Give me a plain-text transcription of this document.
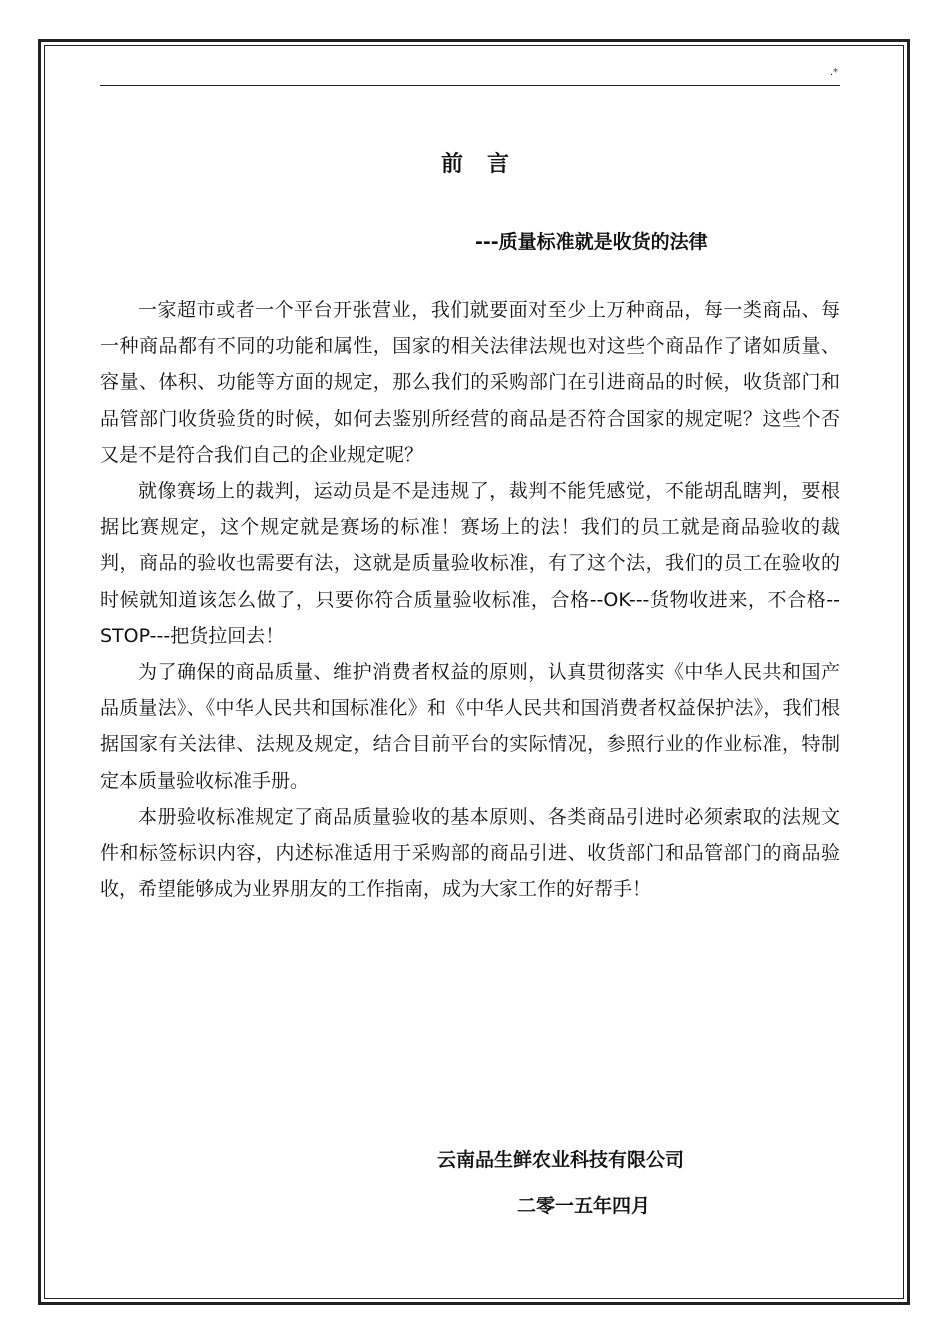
.*
前言
---质量标准就是收货的法律

一家超市或者一个平台开张营业，我们就要面对至少上万种商品，每一类商品、每一种商品都有不同的功能和属性，国家的相关法律法规也对这些个商品作了诸如质量、容量、体积、功能等方面的规定，那么我们的采购部门在引进商品的时候，收货部门和品管部门收货验货的时候，如何去鉴别所经营的商品是否符合国家的规定呢？这些个否又是不是符合我们自己的企业规定呢？

就像赛场上的裁判，运动员是不是违规了，裁判不能凭感觉，不能胡乱瞎判，要根据比赛规定，这个规定就是赛场的标准！赛场上的法！我们的员工就是商品验收的裁判，商品的验收也需要有法，这就是质量验收标准，有了这个法，我们的员工在验收的时候就知道该怎么做了，只要你符合质量验收标准，合格--OK---货物收进来，不合格--STOP---把货拉回去！

为了确保的商品质量、维护消费者权益的原则，认真贯彻落实《中华人民共和国产品质量法》、《中华人民共和国标准化》和《中华人民共和国消费者权益保护法》，我们根据国家有关法律、法规及规定，结合目前平台的实际情况，参照行业的作业标准，特制定本质量验收标准手册。

本册验收标准规定了商品质量验收的基本原则、各类商品引进时必须索取的法规文件和标签标识内容，内述标准适用于采购部的商品引进、收货部门和品管部门的商品验收，希望能够成为业界朋友的工作指南，成为大家工作的好帮手！

云南品生鲜农业科技有限公司

二零一五年四月
